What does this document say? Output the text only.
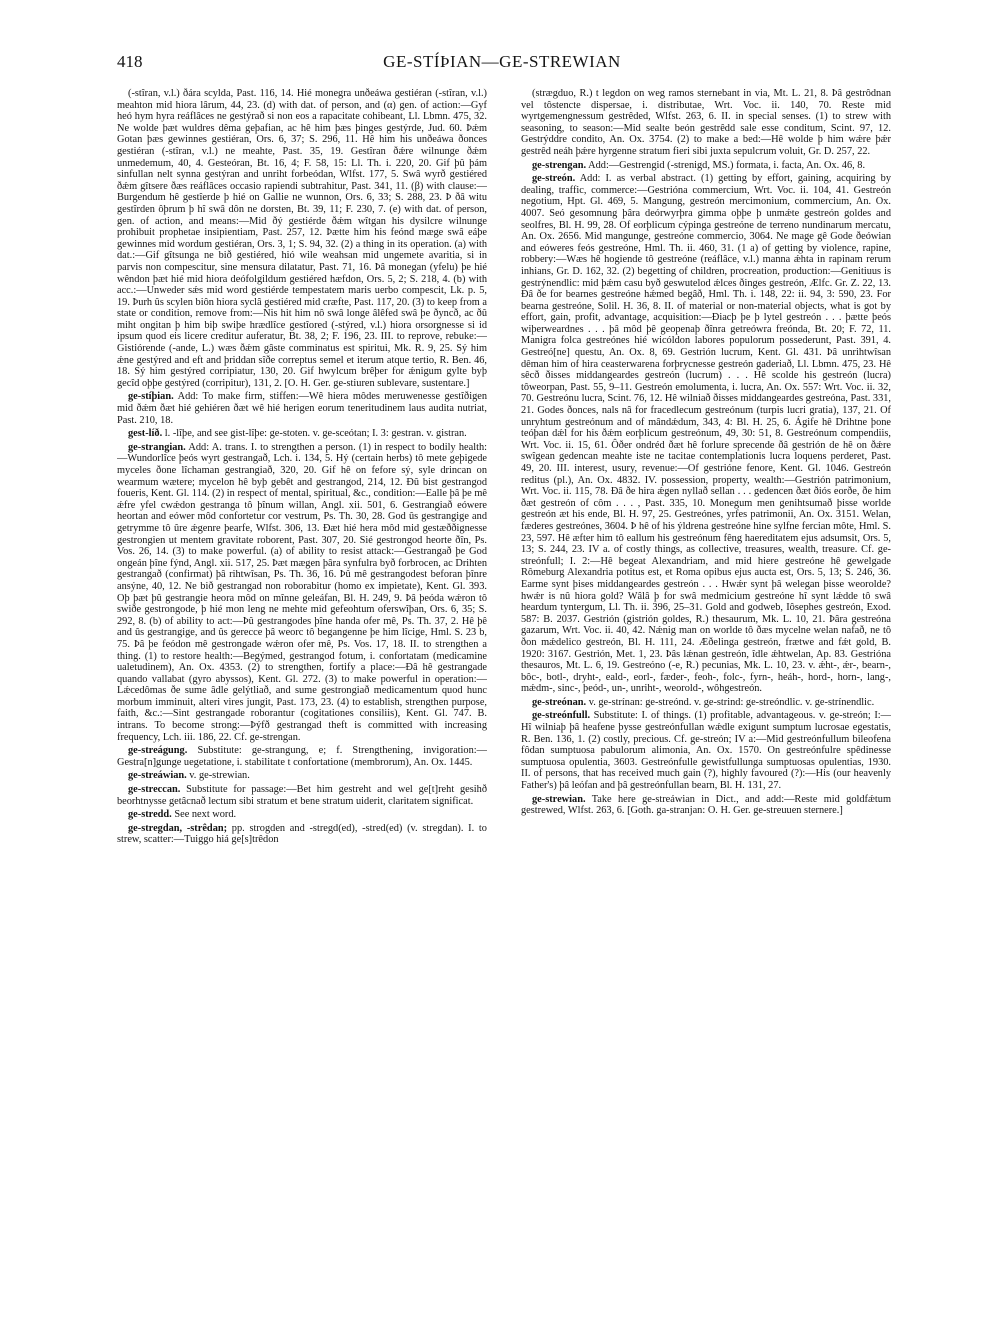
418	GE-STÍÞIAN—GE-STREWIAN

(-stîran, v.l.) ðára scylda, Past. 116, 14. Hié monegra unðeáwa gestiéran (-stîran, v.l.) meahton mid hiora lârum, 44, 23. (d) with dat. of person, and (α) gen. of action:—Gyf heó hym hyra reáflâces ne gestýrað si non eos a rapacitate cohibeant, Ll. Lbmn. 475, 32. Ne wolde þæt wuldres dêma geþafian, ac hê him þæs þinges gestýrde, Jud. 60. Þǽm Gotan þæs gewinnes gestiéran, Ors. 6, 37; S. 296, 11. Hê him his unðeáwa ðonces gestiéran (-stîran, v.l.) ne meahte, Past. 35, 19. Gestîran ðǽre wilnunge ðǽm unmedemum, 40, 4. Gesteóran, Bt. 16, 4; F. 58, 15: Ll. Th. i. 220, 20. Gif þû þám sinfullan nelt synna gestýran and unriht forbeódan, Wlfst. 177, 5. Swâ wyrð gestiéred ðǽm gîtsere ðæs reáflâces occasio rapiendi subtrahitur, Past. 341, 11. (β) with clause:—Burgendum hê gestîerde þ hié on Gallie ne wunnon, Ors. 6, 33; S. 288, 23. Þ ðâ witu gestîrden ôþrum þ hî swâ dôn ne dorsten, Bt. 39, 11; F. 230, 7. (e) with dat. of person, gen. of action, and means:—Mid ðý gestiérde ðǽm wîtgan his dysilcre wilnunge prohibuit prophetae insipientiam, Past. 257, 12. Þætte him his feónd mæge swâ eáþe gewinnes mid wordum gestiéran, Ors. 3, 1; S. 94, 32. (2) a thing in its operation. (a) with dat.:—Gif gîtsunga ne bið gestiéred, hió wile weahsan mid ungemete avaritia, si in parvis non compescitur, sine mensura dilatatur, Past. 71, 16. Þâ monegan (yfelu) þe hié wêndon þæt hié mid hiora deófolgildum gestiéred hæfdon, Ors. 5, 2; S. 218, 4. (b) with acc.:—Unweder sǽs mid word gestiérde tempestatem maris uerbo compescit, Lk. p. 5, 19. Þurh ûs scylen biôn hiora syclâ gestiéred mid cræfte, Past. 117, 20. (3) to keep from a state or condition, remove from:—Nis hit him nô swâ longe âlêfed swâ þe ðyncð, ac ðû miht ongitan þ him biþ swiþe hrædlîce gestîored (-stýred, v.l.) hiora orsorgnesse si id ipsum quod eis licere creditur auferatur, Bt. 38, 2; F. 196, 23. III. to reprove, rebuke:—Gistiórende (-ande, L.) wæs ðǽm gâste comminatus est spiritui, Mk. R. 9, 25. Sý him ǽne gestýred and eft and þriddan sîðe correptus semel et iterum atque tertio, R. Ben. 46, 18. Sý him gestýred corripiatur, 130, 20. Gif hwylcum brêþer for ǽnigum gylte byþ gecîd oþþe gestýred (corripitur), 131, 2. [O. H. Ger. ge-stiuren sublevare, sustentare.]

ge-stíþian. Add: To make firm, stiffen:—Wê hiera môdes meruwenesse gestîðigen mid ðǽm ðæt hié gehiéren ðæt wê hié herigen eorum teneritudinem laus audita nutriat, Past. 210, 18.

gest-líð. l. -lîþe, and see gist-lîþe: ge-stoten. v. ge-sceótan; I. 3: gestran. v. gistran.

ge-strangian. Add: A. trans. I. to strengthen a person. (1) in respect to bodily health:—Wundorlîce þeós wyrt gestrangað, Lch. i. 134, 5. Hý (certain herbs) tô mete geþigede myceles ðone lîchaman gestrangiað, 320, 20. Gif hê on fefore sý, syle drincan on wearmum wætere; mycelon hê byþ gebêt and gestrangod, 214, 12. Ðû bist gestrangod foueris, Kent. Gl. 114. (2) in respect of mental, spiritual, &c., condition:—Ealle þâ þe mê ǽfre yfel cwǽdon gestranga tô þînum willan, Angl. xii. 501, 6. Gestrangiað eówere heortan and eówer môd confortetur cor vestrum, Ps. Th. 30, 28. God ûs gestrangige and getrymme tô ûre ǽgenre þearfe, Wlfst. 306, 13. Ðæt hié hera môd mid gestæððignesse gestrongien ut mentem gravitate roborent, Past. 307, 20. Sié gestrongod heorte ðîn, Ps. Vos. 26, 14. (3) to make powerful. (a) of ability to resist attack:—Gestrangað þe God ongeán þîne fýnd, Angl. xii. 517, 25. Þæt mægen þâra synfulra byð forbrocen, ac Drihten gestrangað (confirmat) þâ rihtwîsan, Ps. Th. 36, 16. Þû mê gestrangodest beforan þînre ansýne, 40, 12. Ne bið gestrangad non roborabitur (homo ex impietate), Kent. Gl. 393. Oþ þæt þû gestrangie heora môd on mînne geleáfan, Bl. H. 249, 9. Þâ þeóda wǽron tô swiðe gestrongode, þ hié mon leng ne mehte mid gefeohtum oferswîþan, Ors. 6, 35; S. 292, 8. (b) of ability to act:—Þû gestrangodes þîne handa ofer mê, Ps. Th. 37, 2. Hê þê and ûs gestrangige, and ûs gerecce þâ weorc tô begangenne þe him lîcige, Hml. S. 23 b, 75. Þâ þe feódon mê gestrongade wǽron ofer mê, Ps. Vos. 17, 18. II. to strengthen a thing. (1) to restore health:—Begýmed, gestrangod fotum, i. confortatam (medicamine ualetudinem), An. Ox. 4353. (2) to strengthen, fortify a place:—Ðâ hê gestrangade quando vallabat (gyro abyssos), Kent. Gl. 272. (3) to make powerful in operation:—Lǽcedômas ðe sume âdle gelýtliað, and sume gestrongiað medicamentum quod hunc morbum imminuit, alteri vires jungit, Past. 173, 23. (4) to establish, strengthen purpose, faith, &c.:—Sint gestrangade roborantur (cogitationes consiliis), Kent. Gl. 747. B. intrans. To become strong:—Þýfð gestrangad theft is committed with increasing frequency, Lch. iii. 186, 22. Cf. ge-strengan.

ge-streágung. Substitute: ge-strangung, e; f. Strengthening, invigoration:—Gestra[n]gunge uegetatione, i. stabilitate t confortatione (membrorum), An. Ox. 1445.

ge-streáwian. v. ge-strewian.

ge-streccan. Substitute for passage:—Bet him gestreht and wel ge[t]reht gesihð beorhtnysse getâcnað lectum sibi stratum et bene stratum uiderit, claritatem significat.

ge-stredd. See next word.

ge-stregdan, -strêdan; pp. strogden and -stregd(ed), -stred(ed) (v. stregdan). I. to strew, scatter:—Tuiggo hiá ge[s]trêdon

(strægduo, R.) t legdon on weg ramos sternebant in via, Mt. L. 21, 8. Þâ gestrôdnan vel tôstencte dispersae, i. distributae, Wrt. Voc. ii. 140, 70. Reste mid wyrtgemengnessum gestrêded, Wlfst. 263, 6. II. in special senses. (1) to strew with seasoning, to season:—Mid sealte beón gestrêdd sale esse conditum, Scint. 97, 12. Gestrýddre condito, An. Ox. 3754. (2) to make a bed:—Hê wolde þ him wǽre þǽr gestrêd neáh þǽre hyrgenne stratum fieri sibi juxta sepulcrum voluit, Gr. D. 257, 22.

ge-strengan. Add:—Gestrengid (-strenigd, MS.) formata, i. facta, An. Ox. 46, 8.

ge-streón. Add: I. as verbal abstract. (1) getting by effort, gaining, acquiring by dealing, traffic, commerce:—Gestrióna commercium, Wrt. Voc. ii. 104, 41. Gestreón negotium, Hpt. Gl. 469, 5. Mangung, gestreón mercimonium, commercium, An. Ox. 4007. Seó gesomnung þâra deórwyrþra gimma oþþe þ unmǽte gestreón goldes and seolfres, Bl. H. 99, 28. Of eorþlicum cýpinga gestreóne de terreno nundinarum mercatu, An. Ox. 2656. Mid mangunge, gestreóne commercio, 3064. Ne mage gê Gode ðeówian and eóweres feós gestreóne, Hml. Th. ii. 460, 31. (1 a) of getting by violence, rapine, robbery:—Wæs hê hogiende tô gestreóne (reáflâce, v.l.) manna ǽhta in rapinam rerum inhians, Gr. D. 162, 32. (2) begetting of children, procreation, production:—Genitiuus is gestrýnendlic: mid þǽm casu byð geswutelod ǽlces ðinges gestreón, Ælfc. Gr. Z. 22, 13. Ðâ ðe for bearnes gestreóne hǽmed begâð, Hml. Th. i. 148, 22: ii. 94, 3: 590, 23. For bearna gestreóne, Solil. H. 36, 8. II. of material or non-material objects, what is got by effort, gain, profit, advantage, acquisition:—Ðiacþ þe þ lytel gestreón . . . þætte þeós wiþerweardnes . . . þâ môd þê geopenaþ ðînra getreówra freónda, Bt. 20; F. 72, 11. Manigra folca gestreónes hié wicóldon labores populorum possederunt, Past. 391, 4. Gestreó[ne] questu, An. Ox. 8, 69. Gestrión lucrum, Kent. Gl. 431. Þâ unrihtwîsan dêman him of hira ceasterwarena forþrycnesse gestreón gaderiað, Ll. Lbmn. 475, 23. Hê sêcð ðisses middangeardes gestreón (lucrum) . . . Hê scolde his gestreón (lucra) tôweorpan, Past. 55, 9–11. Gestreón emolumenta, i. lucra, An. Ox. 557: Wrt. Voc. ii. 32, 70. Gestreónu lucra, Scint. 76, 12. Hê wilniað ðisses middangeardes gestreóna, Past. 331, 21. Godes ðonces, nals nâ for fracedlecum gestreónum (turpis lucri gratia), 137, 21. Of unryhtum gestreónum and of mândǽdum, 343, 4: Bl. H. 25, 6. Ágife hê Drihtne þone teóþan dǽl for his ðǽm eorþlicum gestreónum, 49, 30: 51, 8. Gestreónum compendiis, Wrt. Voc. ii. 15, 61. Ôðer ondréd ðæt hê forlure sprecende ðâ gestrión de hê on ðǽre swîgean gedencan meahte iste ne tacitae contemplationis lucra loquens perderet, Past. 49, 20. III. interest, usury, revenue:—Of gestrióne fenore, Kent. Gl. 1046. Gestreón reditus (pl.), An. Ox. 4832. IV. possession, property, wealth:—Gestrión patrimonium, Wrt. Voc. ii. 115, 78. Ðâ ðe hira ǽgen nyllað sellan . . . gedencen ðæt ðiós eorðe, ðe him ðæt gestreón of côm . . . , Past. 335, 10. Monegum men genihtsumað þisse worlde gestreón æt his ende, Bl. H. 97, 25. Gestreónes, yrfes patrimonii, An. Ox. 3151. Welan, fæderes gestreónes, 3604. Þ hê of his ýldrena gestreóne hine sylfne fercian môte, Hml. S. 23, 597. Hê æfter him tô eallum his gestreónum fêng haereditatem ejus adsumsit, Ors. 5, 13; S. 244, 23. IV a. of costly things, as collective, treasures, wealth, treasure. Cf. ge-streónfull; I. 2:—Hê begeat Alexandriam, and mid hiere gestreóne hê gewelgade Rômeburg Alexandria potitus est, et Roma opibus ejus aucta est, Ors. 5, 13; S. 246, 36. Earme synt þises middangeardes gestreón . . . Hwǽr synt þâ welegan þisse weorolde? hwǽr is nû hiora gold? Wâlâ þ for swâ medmicium gestreóne hî synt lǽdde tô swâ heardum tyntergum, Ll. Th. ii. 396, 25–31. Gold and godweb, Iôsephes gestreón, Exod. 587: B. 2037. Gestrión (gistrión goldes, R.) thesaurum, Mk. L. 10, 21. Þâra gestreóna gazarum, Wrt. Voc. ii. 40, 42. Nǽnig man on worlde tô ðæs mycelne welan nafað, ne tô ðon mǽdelico gestreón, Bl. H. 111, 24. Æðelinga gestreón, frætwe and fǽt gold, B. 1920: 3167. Gestrión, Met. 1, 23. Þâs lǽnan gestreón, îdle ǽhtwelan, Ap. 83. Gestrióna thesauros, Mt. L. 6, 19. Gestreóno (-e, R.) pecunias, Mk. L. 10, 23. v. ǽht-, ǽr-, bearn-, bôc-, botl-, dryht-, eald-, eorl-, fæder-, feoh-, folc-, fyrn-, heáh-, hord-, horn-, lang-, mǽdm-, sinc-, þeód-, un-, unriht-, weorold-, wôhgestreón.

ge-streónan. v. ge-strínan: ge-streónd. v. ge-strind: ge-streóndlic. v. ge-strínendlic.

ge-streónfull. Substitute: I. of things. (1) profitable, advantageous. v. ge-streón; I:—Hî wilniaþ þâ heafene þysse gestreónfullan wǽdle exigunt sumptum lucrosae egestatis, R. Ben. 136, 1. (2) costly, precious. Cf. ge-streón; IV a:—Mid gestreónfullum bileofena fôdan sumptuosa pabulorum alimonia, An. Ox. 1570. On gestreónfulre spêdinesse sumptuosa opulentia, 3603. Gestreónfulle gewistfullunga sumptuosas opulentias, 1930. II. of persons, that has received much gain (?), highly favoured (?):—His (our heavenly Father's) þâ leófan and þâ gestreónfullan bearn, Bl. H. 131, 27.

ge-strewian. Take here ge-streáwian in Dict., and add:—Reste mid goldfǽtum gestrewed, Wlfst. 263, 6. [Goth. ga-stranjan: O. H. Ger. ge-streuuen sternere.]
